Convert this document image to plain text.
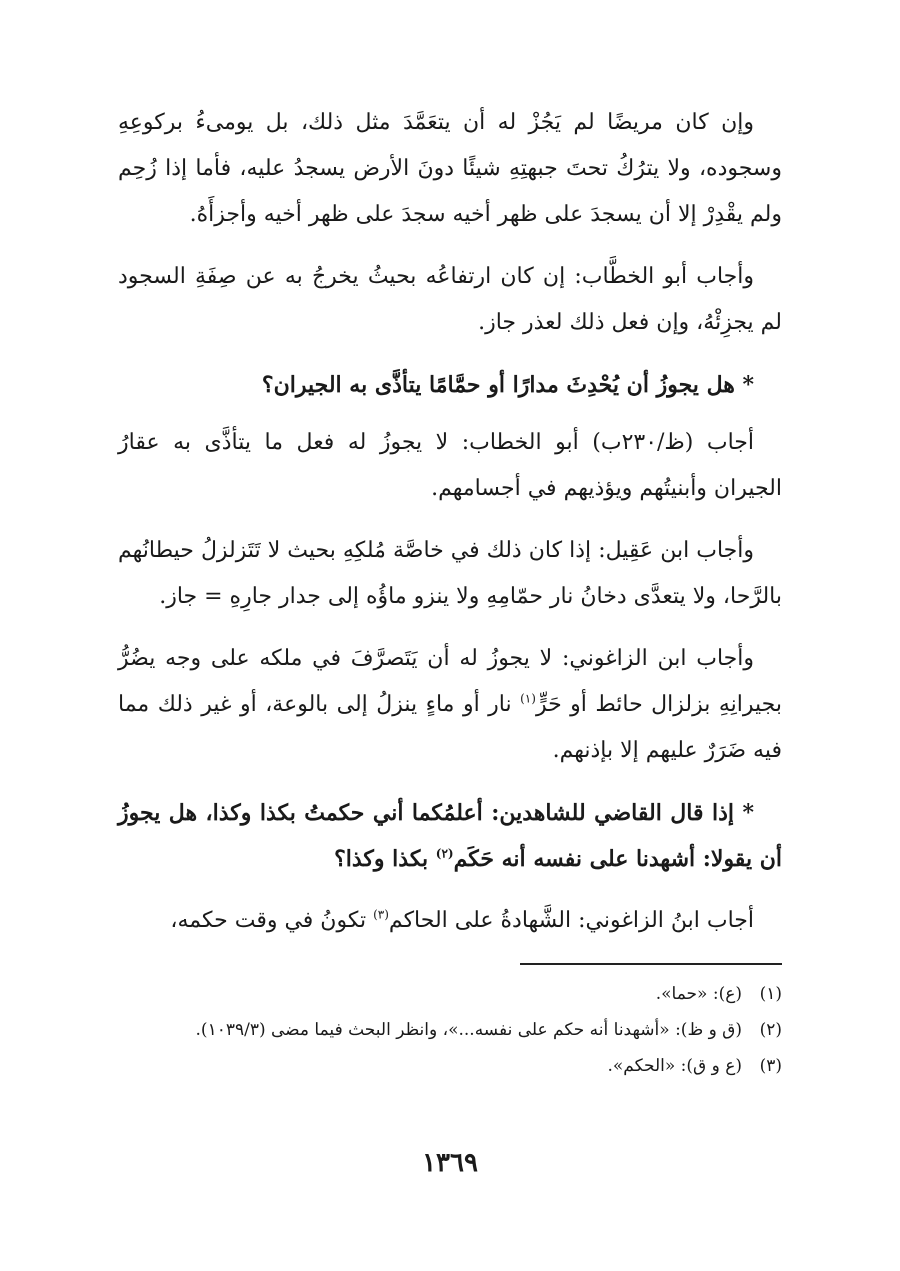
وإن كان مريضًا لم يَجُزْ له أن يتعَمَّدَ مثل ذلك، بل يومىءُ بركوعِهِ وسجوده، ولا يترُكُ تحتَ جبهتِهِ شيئًا دونَ الأرض يسجدُ عليه، فأما إذا زُحِم ولم يقْدِرْ إلا أن يسجدَ على ظهر أخيه سجدَ على ظهر أخيه وأجزأَهُ.

وأجاب أبو الخطَّاب: إن كان ارتفاعُه بحيثُ يخرجُ به عن صِفَةِ السجود لم يجزِئْهُ، وإن فعل ذلك لعذر جاز.

* هل يجوزُ أن يُحْدِثَ مدارًا أو حمَّامًا يتأذَّى به الجيران؟

أجاب (ظ/٢٣٠ب) أبو الخطاب: لا يجوزُ له فعل ما يتأذَّى به عقارُ الجيران وأبنيتُهم ويؤذيهم في أجسامهم.

وأجاب ابن عَقِيل: إذا كان ذلك في خاصَّة مُلكِهِ بحيث لا تَتَزلزلُ حيطانُهم بالرَّحا، ولا يتعدَّى دخانُ نار حمّامِهِ ولا ينزو ماؤُه إلى جدار جارِهِ = جاز.

وأجاب ابن الزاغوني: لا يجوزُ له أن يَتَصرَّفَ في ملكه على وجه يضُرُّ بجيرانِهِ بزلزال حائط أو حَرٍّ$^{(١)}$ نار أو ماءٍ ينزلُ إلى بالوعة، أو غير ذلك مما فيه ضَرَرٌ عليهم إلا بإذنهم.

* إذا قال القاضي للشاهدين: أعلمُكما أني حكمتُ بكذا وكذا، هل يجوزُ أن يقولا: أشهدنا على نفسه أنه حَكَم$^{(٢)}$ بكذا وكذا؟

أجاب ابنُ الزاغوني: الشَّهادةُ على الحاكم$^{(٣)}$ تكونُ في وقت حكمه،

(١)
(ع): «حما».
(٢)
(ق و ظ): «أشهدنا أنه حكم على نفسه...»، وانظر البحث فيما مضى (١٠٣٩/٣).
(٣)
(ع و ق): «الحكم».
١٣٦٩
